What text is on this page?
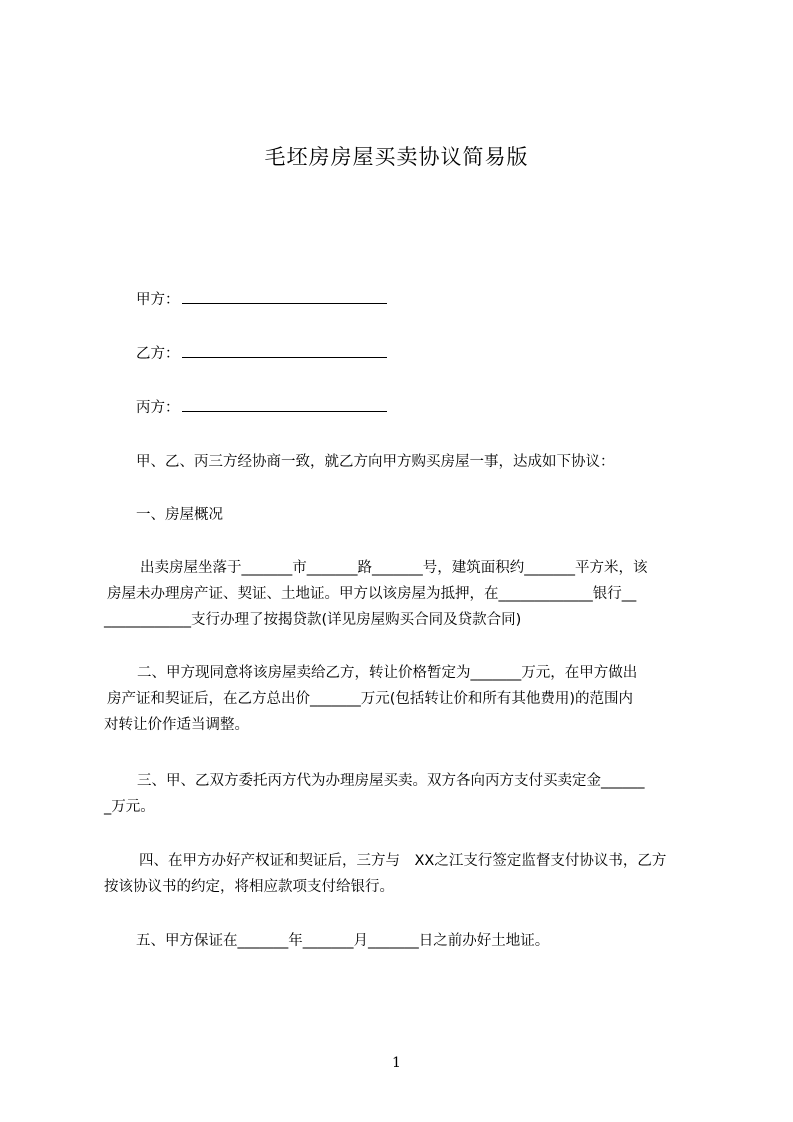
毛坯房房屋买卖协议简易版
甲方：
乙方：
丙方：
甲、乙、丙三方经协商一致，就乙方向甲方购买房屋一事，达成如下协议：
一、房屋概况
出卖房屋坐落于_______市_______路_______号，建筑面积约_______平方米，该
房屋未办理房产证、契证、土地证。甲方以该房屋为抵押，在_____________银行__
____________支行办理了按揭贷款(详见房屋购买合同及贷款合同)
二、甲方现同意将该房屋卖给乙方，转让价格暂定为_______万元，在甲方做出
房产证和契证后，在乙方总出价_______万元(包括转让价和所有其他费用)的范围内
对转让价作适当调整。
三、甲、乙双方委托丙方代为办理房屋买卖。双方各向丙方支付买卖定金______
_万元。
四、在甲方办好产权证和契证后，三方与　XX之江支行签定监督支付协议书，乙方
按该协议书的约定，将相应款项支付给银行。
五、甲方保证在_______年_______月_______日之前办好土地证。
1
